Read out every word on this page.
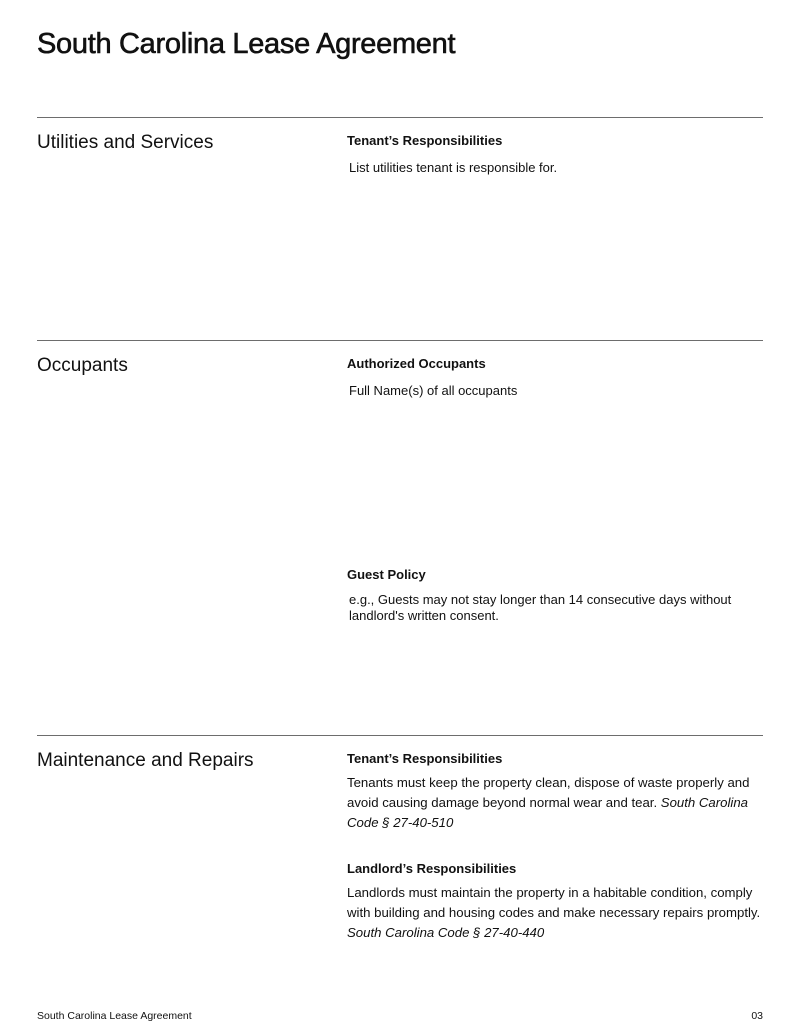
South Carolina Lease Agreement
Utilities and Services	Tenant’s Responsibilities
List utilities tenant is responsible for.
Occupants	Authorized Occupants
Full Name(s) of all occupants
Guest Policy
e.g., Guests may not stay longer than 14 consecutive days without landlord's written consent.
Maintenance and Repairs	Tenant’s Responsibilities
Tenants must keep the property clean, dispose of waste properly and avoid causing damage beyond normal wear and tear. South Carolina Code § 27-40-510
Landlord’s Responsibilities
Landlords must maintain the property in a habitable condition, comply with building and housing codes and make necessary repairs promptly. South Carolina Code § 27-40-440
South Carolina Lease Agreement	03
